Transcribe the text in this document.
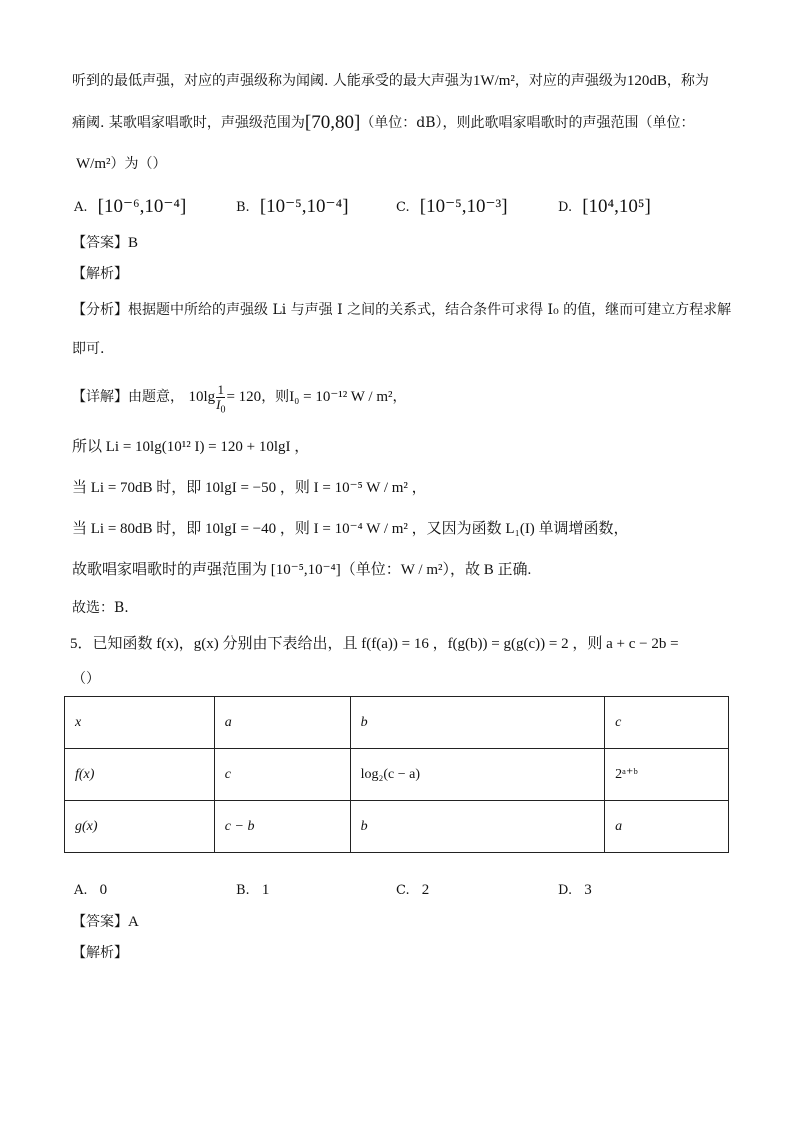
听到的最低声强，对应的声强级称为闻阈. 人能承受的最大声强为1W/m²，对应的声强级为120dB，称为
痛阈. 某歌唱家唱歌时，声强级范围为[70,80]（单位：dB），则此歌唱家唱歌时的声强范围（单位：
W/m²）为（）
A. [10⁻⁶,10⁻⁴]	B. [10⁻⁵,10⁻⁴]	C. [10⁻⁵,10⁻³]	D. [10⁴,10⁵]
【答案】B
【解析】
【分析】根据题中所给的声强级 Li 与声强 I 之间的关系式，结合条件可求得 I₀ 的值，继而可建立方程求解
即可.
【详解】由题意， $10\lg \frac{1}{I_0} = 120$，则I₀ = 10⁻¹² W / m²，
所以 Li = 10lg(10¹² I) = 120 + 10lgI ，
当 Li = 70dB 时，即 10lgI = −50 ，则 I = 10⁻⁵ W / m² ，
当 Li = 80dB 时，即 10lgI = −40 ，则 I = 10⁻⁴ W / m² ，又因为函数 L₁(I) 单调增函数，
故歌唱家唱歌时的声强范围为 [10⁻⁵,10⁻⁴]（单位：W / m²），故 B 正确.
故选：B.
5．已知函数 f(x)，g(x) 分别由下表给出，且 f(f(a)) = 16 ，f(g(b)) = g(g(c)) = 2 ，则 a + c − 2b =
（）
x	a	b	c
f(x)	c	log₂(c − a)	2ᵃ⁺ᵇ
g(x)	c − b	b	a
A. 0	B. 1	C. 2	D. 3
【答案】A
【解析】
